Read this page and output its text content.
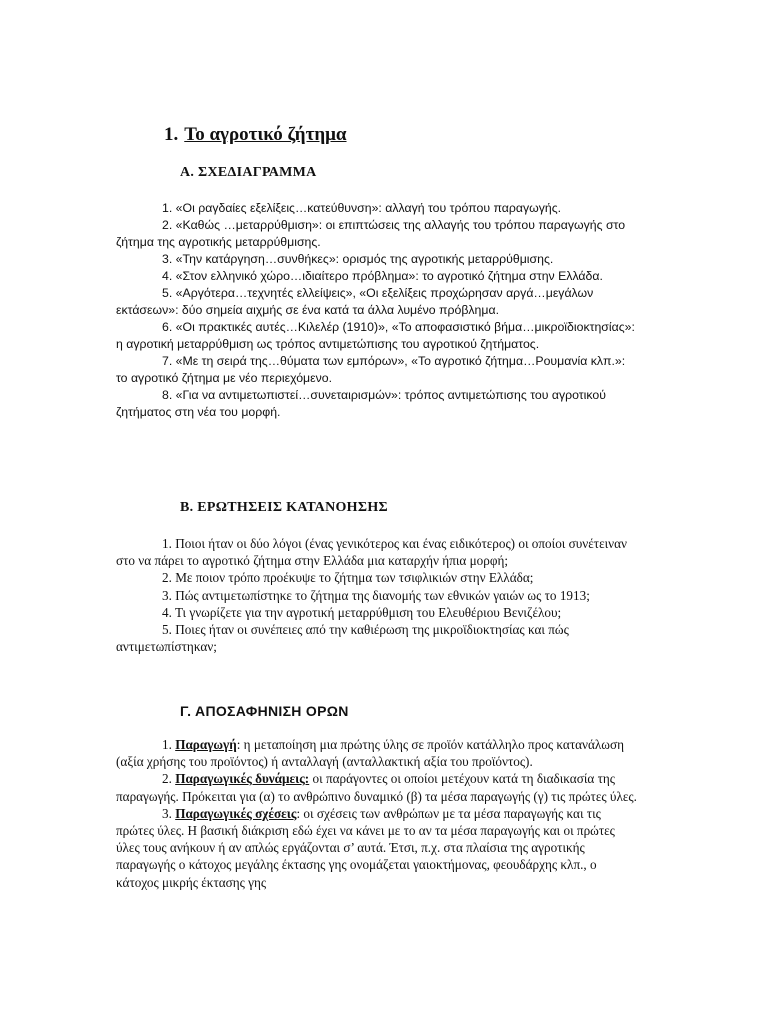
1. Το αγροτικό ζήτημα
Α. ΣΧΕΔΙΑΓΡΑΜΜΑ

1. «Οι ραγδαίες εξελίξεις…κατεύθυνση»: αλλαγή του τρόπου παραγωγής.

2. «Καθώς …μεταρρύθμιση»: οι επιπτώσεις της αλλαγής του τρόπου παραγωγής στο ζήτημα της αγροτικής μεταρρύθμισης.

3. «Την κατάργηση…συνθήκες»: ορισμός της αγροτικής μεταρρύθμισης.

4. «Στον ελληνικό χώρο…ιδιαίτερο πρόβλημα»: το αγροτικό ζήτημα στην Ελλάδα.

5. «Αργότερα…τεχνητές ελλείψεις», «Οι εξελίξεις προχώρησαν αργά…μεγάλων εκτάσεων»: δύο σημεία αιχμής σε ένα κατά τα άλλα λυμένο πρόβλημα.

6. «Οι πρακτικές αυτές…Κιλελέρ (1910)», «Το αποφασιστικό βήμα…μικροϊδιοκτησίας»: η αγροτική μεταρρύθμιση ως τρόπος αντιμετώπισης του αγροτικού ζητήματος.

7. «Με τη σειρά της…θύματα των εμπόρων», «Το αγροτικό ζήτημα…Ρουμανία κλπ.»: το αγροτικό ζήτημα με νέο περιεχόμενο.

8. «Για να αντιμετωπιστεί…συνεταιρισμών»: τρόπος αντιμετώπισης του αγροτικού ζητήματος στη νέα του μορφή.

Β. ΕΡΩΤΗΣΕΙΣ ΚΑΤΑΝΟΗΣΗΣ

1. Ποιοι ήταν οι δύο λόγοι (ένας γενικότερος και ένας ειδικότερος) οι οποίοι συνέτειναν στο να πάρει το αγροτικό ζήτημα στην Ελλάδα μια καταρχήν ήπια μορφή;

2. Με ποιον τρόπο προέκυψε το ζήτημα των τσιφλικιών στην Ελλάδα;

3. Πώς αντιμετωπίστηκε το ζήτημα της διανομής των εθνικών γαιών ως το 1913;

4. Τι γνωρίζετε για την αγροτική μεταρρύθμιση του Ελευθέριου Βενιζέλου;

5. Ποιες ήταν οι συνέπειες από την καθιέρωση της μικροϊδιοκτησίας και πώς αντιμετωπίστηκαν;

Γ. ΑΠΟΣΑΦΗΝΙΣΗ ΟΡΩΝ

1. Παραγωγή: η μεταποίηση μια πρώτης ύλης σε προϊόν κατάλληλο προς κατανάλωση (αξία χρήσης του προϊόντος) ή ανταλλαγή (ανταλλακτική αξία του προϊόντος).

2. Παραγωγικές δυνάμεις: οι παράγοντες οι οποίοι μετέχουν κατά τη διαδικασία της παραγωγής. Πρόκειται για (α) το ανθρώπινο δυναμικό (β) τα μέσα παραγωγής (γ) τις πρώτες ύλες.

3. Παραγωγικές σχέσεις: οι σχέσεις των ανθρώπων με τα μέσα παραγωγής και τις πρώτες ύλες. Η βασική διάκριση εδώ έχει να κάνει με το αν τα μέσα παραγωγής και οι πρώτες ύλες τους ανήκουν ή αν απλώς εργάζονται σ’ αυτά. Έτσι, π.χ. στα πλαίσια της αγροτικής παραγωγής ο κάτοχος μεγάλης έκτασης γης ονομάζεται γαιοκτήμονας, φεουδάρχης κλπ., ο κάτοχος μικρής έκτασης γης
